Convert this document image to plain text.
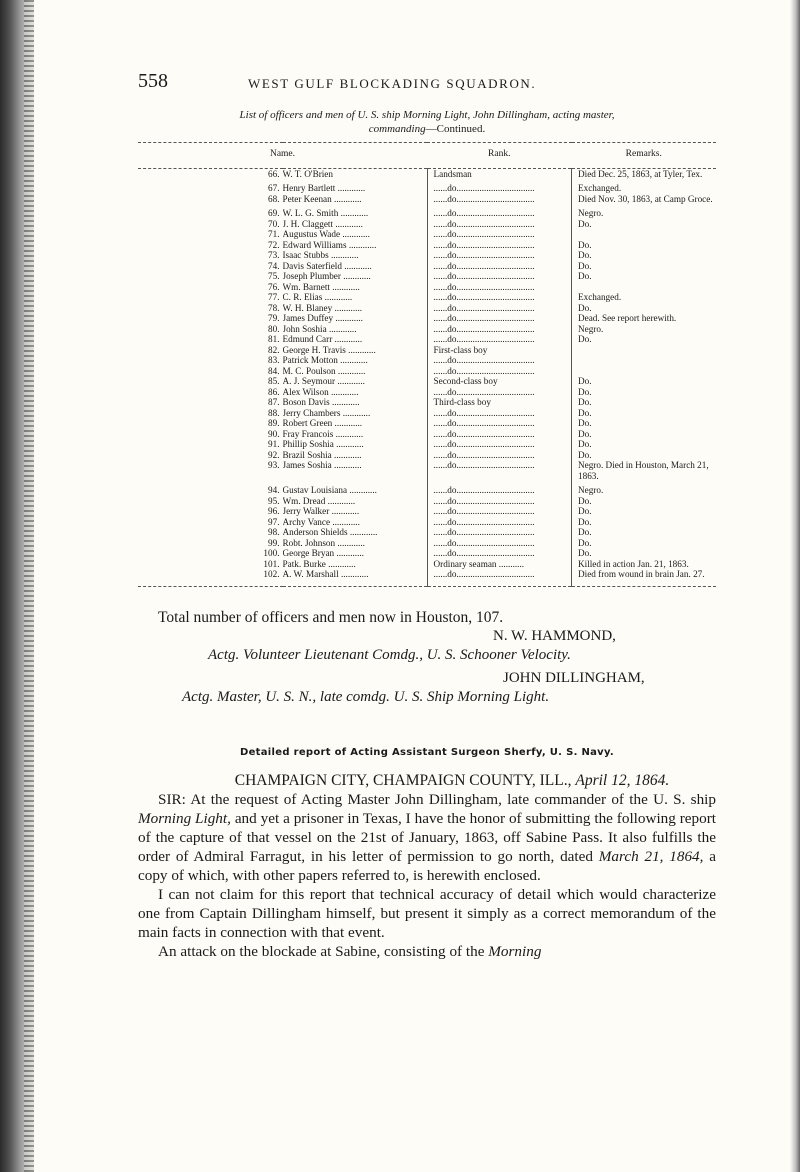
558	WEST GULF BLOCKADING SQUADRON.
List of officers and men of U. S. ship Morning Light, John Dillingham, acting master,
commanding—Continued.
Name.		Rank.	Remarks.
66.	W. T. O'Brien	Landsman	Died Dec. 25, 1863, at Tyler, Tex.

67.	Henry Bartlett ............	......do..................................	Exchanged.
68.	Peter Keenan ............	......do..................................	Died Nov. 30, 1863, at Camp Groce.

69.	W. L. G. Smith ............	......do..................................	Negro.
70.	J. H. Claggett ............	......do..................................	Do.
71.	Augustus Wade ............	......do..................................	
72.	Edward Williams ............	......do..................................	Do.
73.	Isaac Stubbs ............	......do..................................	Do.
74.	Davis Saterfield ............	......do..................................	Do.
75.	Joseph Plumber ............	......do..................................	Do.
76.	Wm. Barnett ............	......do..................................	
77.	C. R. Elias ............	......do..................................	Exchanged.
78.	W. H. Blaney ............	......do..................................	Do.
79.	James Duffey ............	......do..................................	Dead. See report herewith.
80.	John Soshia ............	......do..................................	Negro.
81.	Edmund Carr ............	......do..................................	Do.
82.	George H. Travis ............	First-class boy	
83.	Patrick Motton ............	......do..................................	
84.	M. C. Poulson ............	......do..................................	
85.	A. J. Seymour ............	Second-class boy	Do.
86.	Alex Wilson ............	......do..................................	Do.
87.	Boson Davis ............	Third-class boy	Do.
88.	Jerry Chambers ............	......do..................................	Do.
89.	Robert Green ............	......do..................................	Do.
90.	Fray Francois ............	......do..................................	Do.
91.	Phillip Soshia ............	......do..................................	Do.
92.	Brazil Soshia ............	......do..................................	Do.
93.	James Soshia ............	......do..................................	Negro. Died in Houston, March 21, 1863.

94.	Gustav Louisiana ............	......do..................................	Negro.
95.	Wm. Dread ............	......do..................................	Do.
96.	Jerry Walker ............	......do..................................	Do.
97.	Archy Vance ............	......do..................................	Do.
98.	Anderson Shields ............	......do..................................	Do.
99.	Robt. Johnson ............	......do..................................	Do.
100.	George Bryan ............	......do..................................	Do.
101.	Patk. Burke ............	Ordinary seaman ...........	Killed in action Jan. 21, 1863.
102.	A. W. Marshall ............	......do..................................	Died from wound in brain Jan. 27.
Total number of officers and men now in Houston, 107.
N. W. HAMMOND,
Actg. Volunteer Lieutenant Comdg., U. S. Schooner Velocity.
JOHN DILLINGHAM,
Actg. Master, U. S. N., late comdg. U. S. Ship Morning Light.
Detailed report of Acting Assistant Surgeon Sherfy, U. S. Navy.
CHAMPAIGN CITY, CHAMPAIGN COUNTY, ILL., April 12, 1864.

SIR: At the request of Acting Master John Dillingham, late commander of the U. S. ship Morning Light, and yet a prisoner in Texas, I have the honor of submitting the following report of the capture of that vessel on the 21st of January, 1863, off Sabine Pass. It also fulfills the order of Admiral Farragut, in his letter of permission to go north, dated March 21, 1864, a copy of which, with other papers referred to, is herewith enclosed.

I can not claim for this report that technical accuracy of detail which would characterize one from Captain Dillingham himself, but present it simply as a correct memorandum of the main facts in connection with that event.

An attack on the blockade at Sabine, consisting of the Morning
